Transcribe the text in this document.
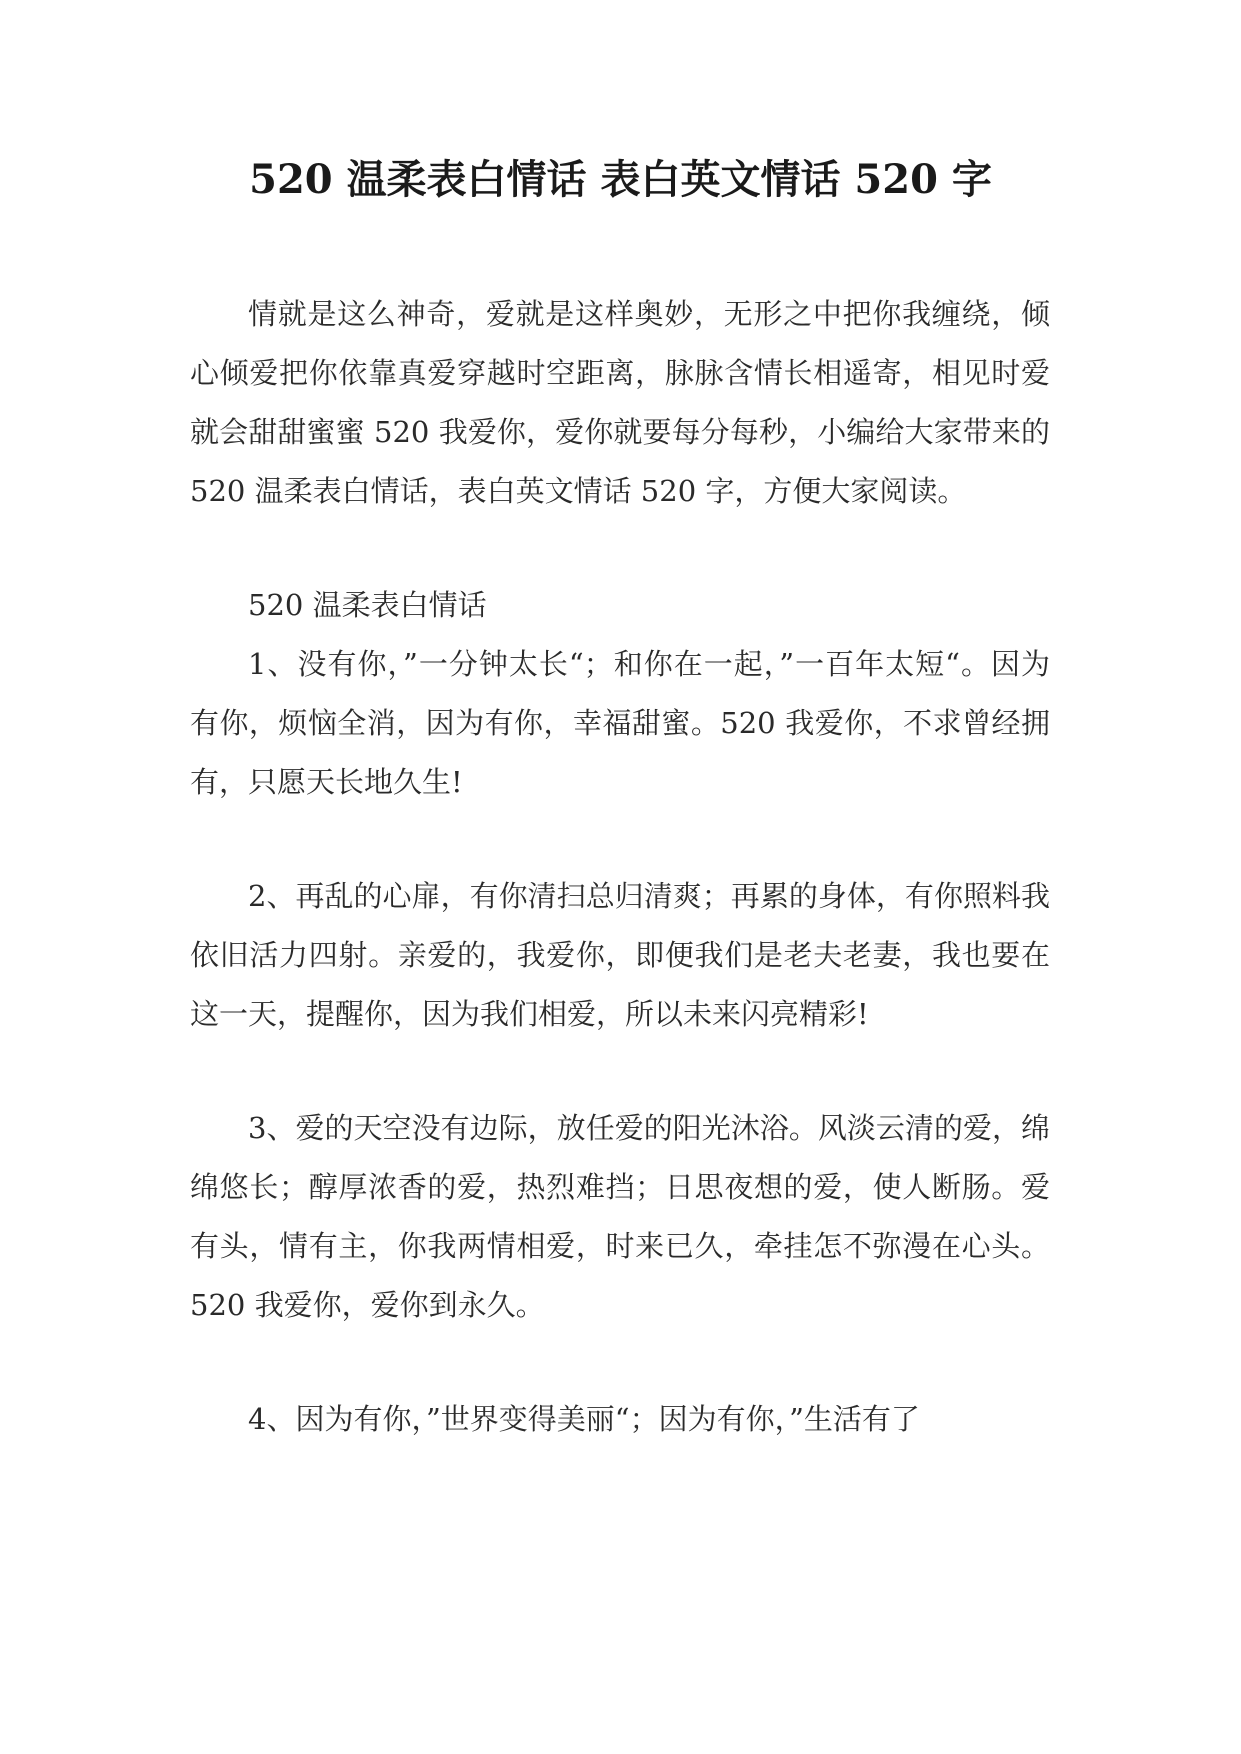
520 温柔表白情话 表白英文情话 520 字

情就是这么神奇，爱就是这样奥妙，无形之中把你我缠绕，倾心倾爱把你依靠真爱穿越时空距离，脉脉含情长相遥寄，相见时爱就会甜甜蜜蜜 520 我爱你，爱你就要每分每秒，小编给大家带来的 520 温柔表白情话，表白英文情话 520 字，方便大家阅读。

520 温柔表白情话

1、没有你，”一分钟太长“；和你在一起，”一百年太短“。因为有你，烦恼全消，因为有你，幸福甜蜜。520 我爱你，不求曾经拥有，只愿天长地久生!

2、再乱的心扉，有你清扫总归清爽；再累的身体，有你照料我依旧活力四射。亲爱的，我爱你，即便我们是老夫老妻，我也要在这一天，提醒你，因为我们相爱，所以未来闪亮精彩!

3、爱的天空没有边际，放任爱的阳光沐浴。风淡云清的爱，绵绵悠长；醇厚浓香的爱，热烈难挡；日思夜想的爱，使人断肠。爱有头，情有主，你我两情相爱，时来已久，牵挂怎不弥漫在心头。520 我爱你，爱你到永久。

4、因为有你，”世界变得美丽“；因为有你，”生活有了
